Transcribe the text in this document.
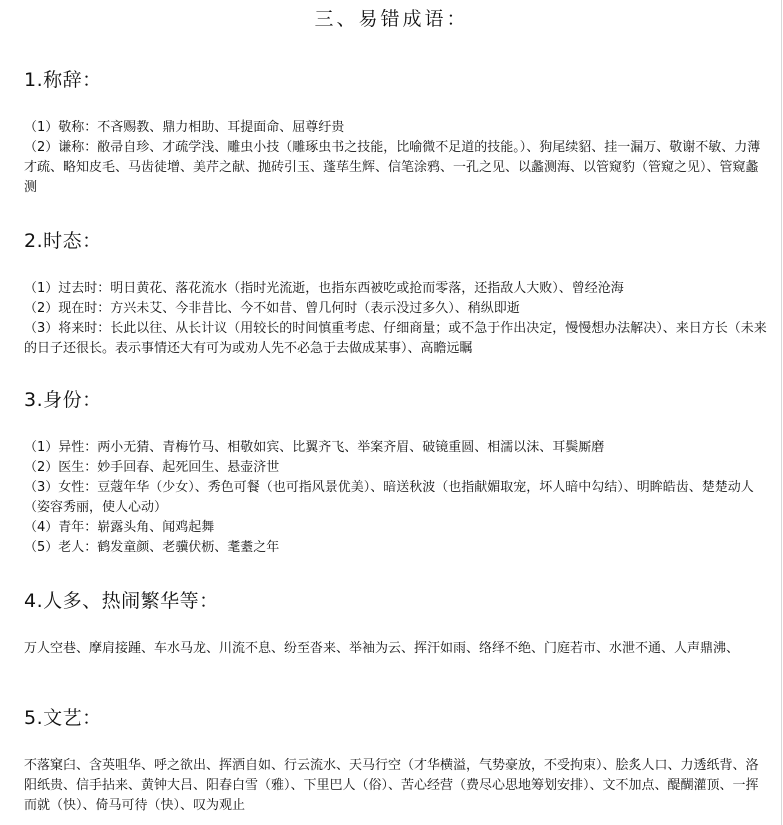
三、易错成语：
1.称辞：

（1）敬称：不吝赐教、鼎力相助、耳提面命、屈尊纡贵

（2）谦称：敝帚自珍、才疏学浅、雕虫小技（雕琢虫书之技能，比喻微不足道的技能。）、狗尾续貂、挂一漏万、敬谢不敏、力薄才疏、略知皮毛、马齿徒增、美芹之献、抛砖引玉、蓬荜生辉、信笔涂鸦、一孔之见、以蠡测海、以管窥豹（管窥之见）、管窥蠡测

2.时态：

（1）过去时：明日黄花、落花流水（指时光流逝，也指东西被吃或抢而零落，还指敌人大败）、曾经沧海

（2）现在时：方兴未艾、今非昔比、今不如昔、曾几何时（表示没过多久）、稍纵即逝

（3）将来时：长此以往、从长计议（用较长的时间慎重考虑、仔细商量；或不急于作出决定，慢慢想办法解决）、来日方长（未来的日子还很长。表示事情还大有可为或劝人先不必急于去做成某事）、高瞻远瞩

3.身份：

（1）异性：两小无猜、青梅竹马、相敬如宾、比翼齐飞、举案齐眉、破镜重圆、相濡以沫、耳鬓厮磨

（2）医生：妙手回春、起死回生、悬壶济世

（3）女性：豆蔻年华（少女）、秀色可餐（也可指风景优美）、暗送秋波（也指献媚取宠，坏人暗中勾结）、明眸皓齿、楚楚动人（姿容秀丽，使人心动）

（4）青年：崭露头角、闻鸡起舞

（5）老人：鹤发童颜、老骥伏枥、耄耋之年

4.人多、热闹繁华等：

万人空巷、摩肩接踵、车水马龙、川流不息、纷至沓来、举袖为云、挥汗如雨、络绎不绝、门庭若市、水泄不通、人声鼎沸、

5.文艺：

不落窠臼、含英咀华、呼之欲出、挥洒自如、行云流水、天马行空（才华横溢，气势豪放，不受拘束）、脍炙人口、力透纸背、洛阳纸贵、信手拈来、黄钟大吕、阳春白雪（雅）、下里巴人（俗）、苦心经营（费尽心思地筹划安排）、文不加点、醍醐灌顶、一挥而就（快）、倚马可待（快）、叹为观止
